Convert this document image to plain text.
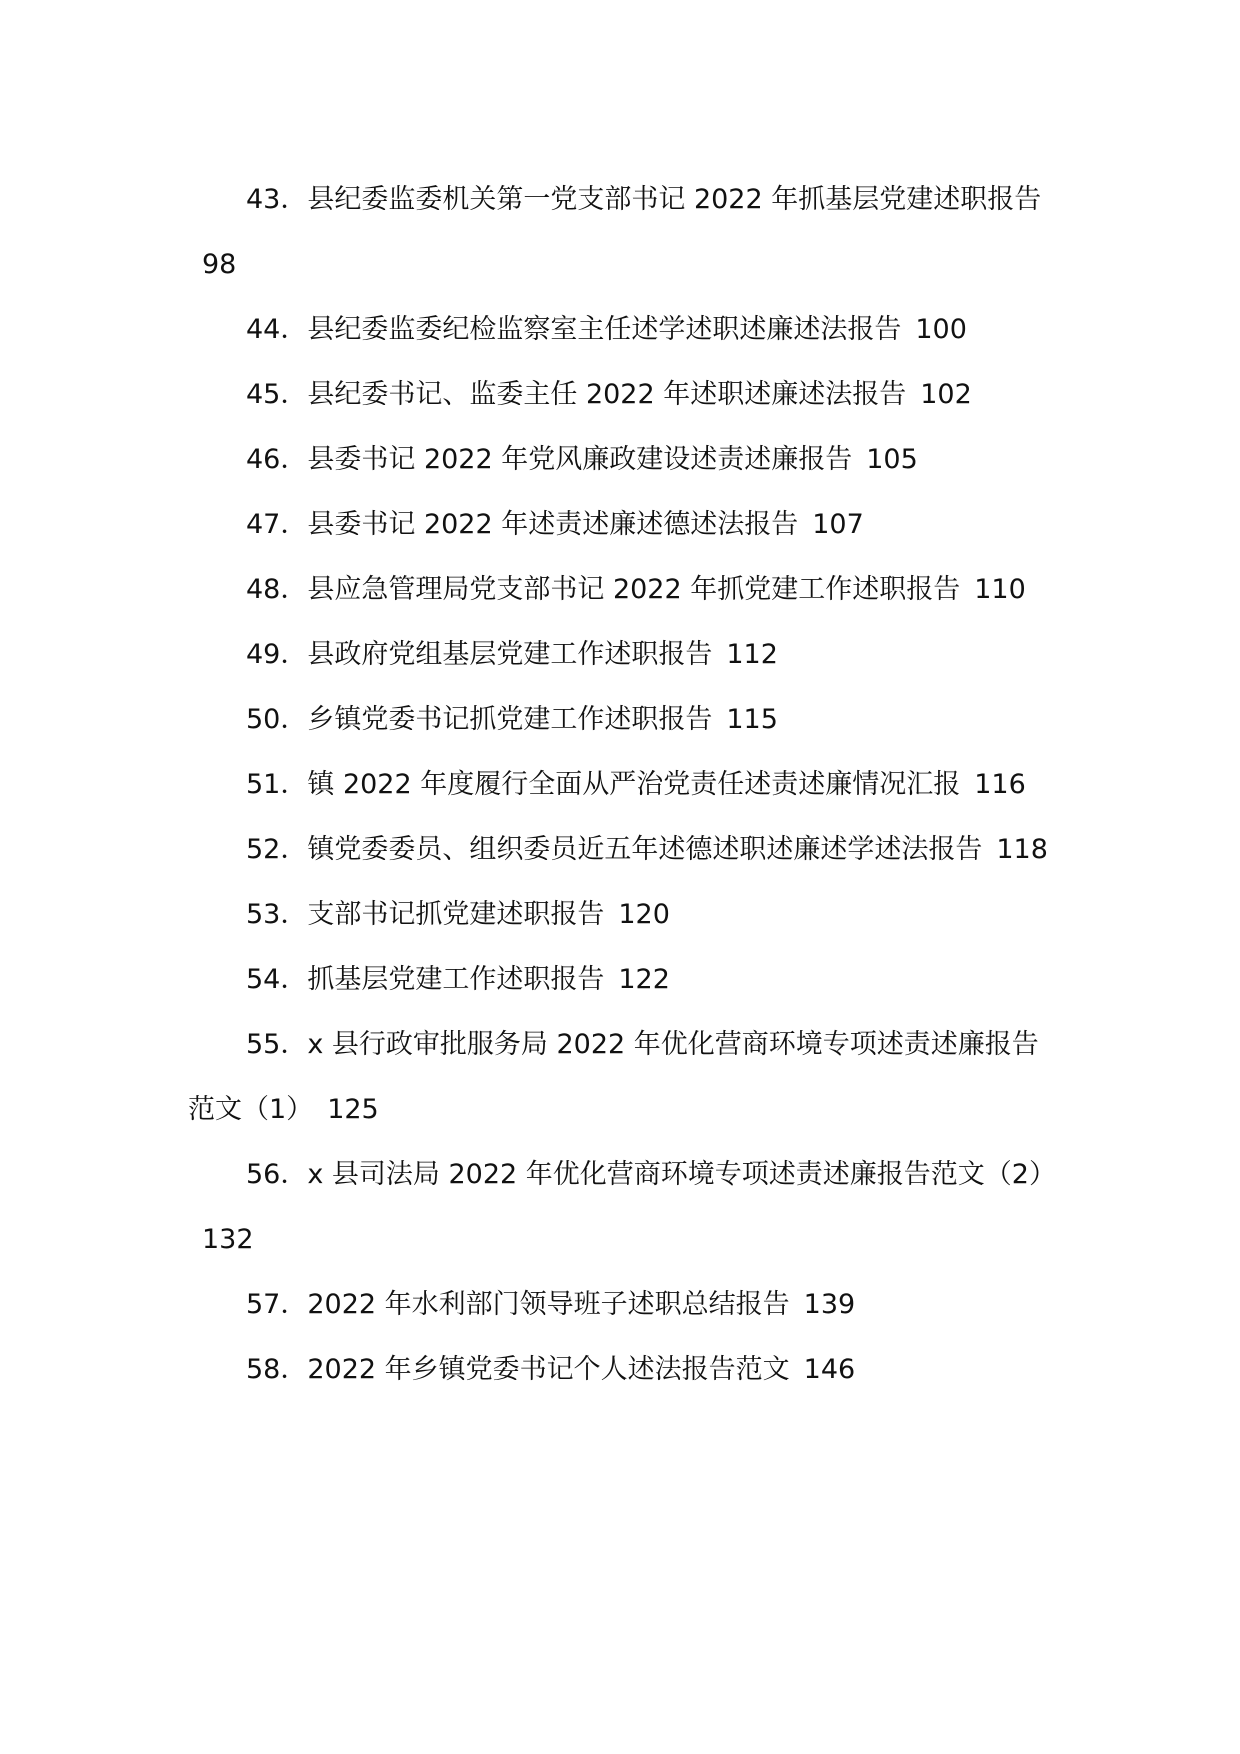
43．县纪委监委机关第一党支部书记 2022 年抓基层党建述职报告98

44．县纪委监委纪检监察室主任述学述职述廉述法报告 100

45．县纪委书记、监委主任 2022 年述职述廉述法报告 102

46．县委书记 2022 年党风廉政建设述责述廉报告 105

47．县委书记 2022 年述责述廉述德述法报告 107

48．县应急管理局党支部书记 2022 年抓党建工作述职报告 110

49．县政府党组基层党建工作述职报告 112

50．乡镇党委书记抓党建工作述职报告 115

51．镇 2022 年度履行全面从严治党责任述责述廉情况汇报 116

52．镇党委委员、组织委员近五年述德述职述廉述学述法报告 118

53．支部书记抓党建述职报告 120

54．抓基层党建工作述职报告 122

55．x 县行政审批服务局 2022 年优化营商环境专项述责述廉报告范文（1） 125

56．x 县司法局 2022 年优化营商环境专项述责述廉报告范文（2）132

57．2022 年水利部门领导班子述职总结报告 139

58．2022 年乡镇党委书记个人述法报告范文 146
